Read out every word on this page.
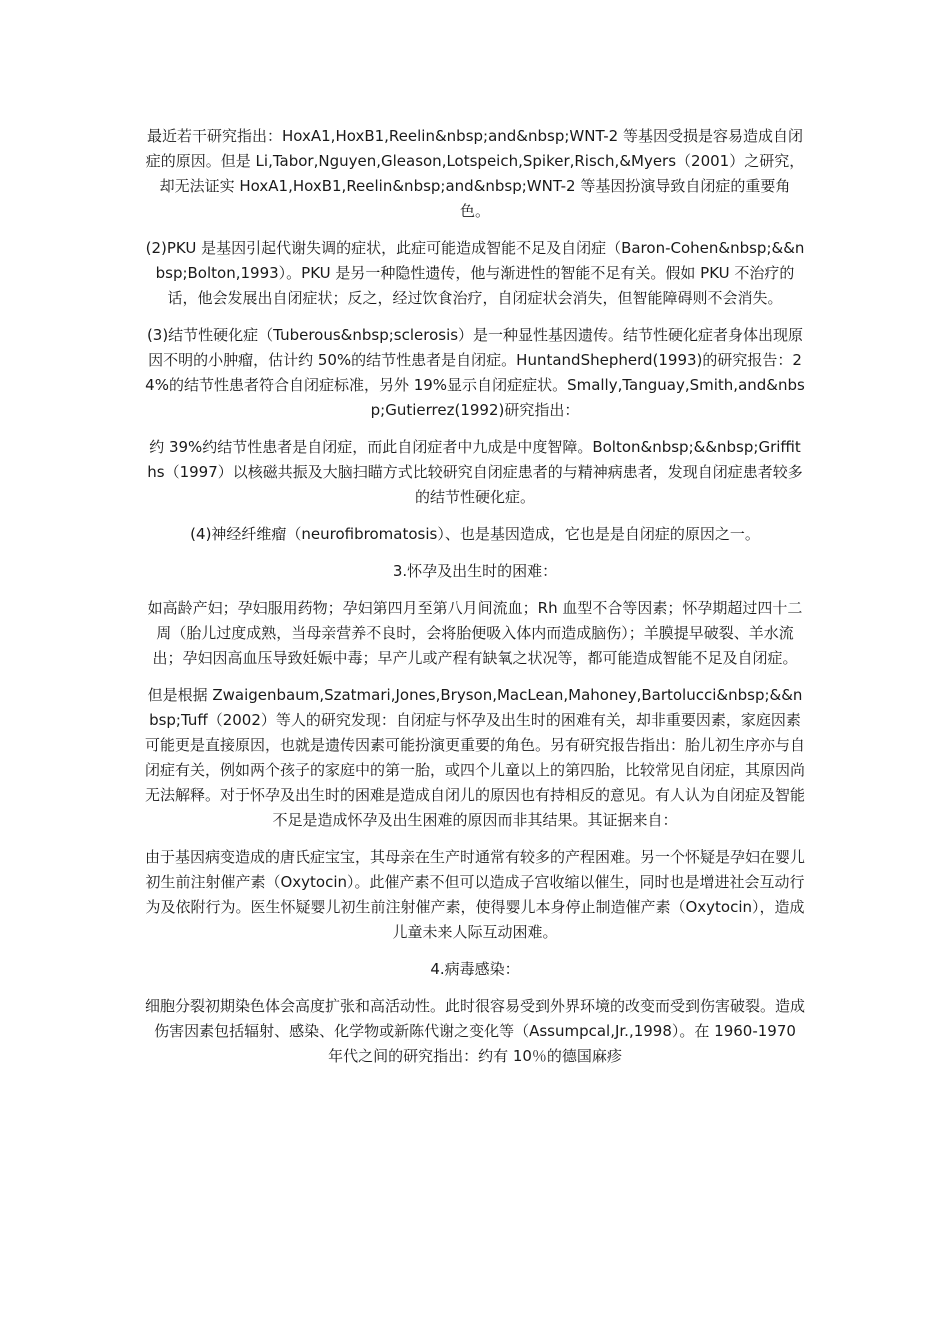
最近若干研究指出：HoxA1,HoxB1,Reelin&nbsp;and&nbsp;WNT-2 等基因受损是容易造成自闭症的原因。但是 Li,Tabor,Nguyen,Gleason,Lotspeich,Spiker,Risch,&Myers（2001）之研究，却无法证实 HoxA1,HoxB1,Reelin&nbsp;and&nbsp;WNT-2 等基因扮演导致自闭症的重要角色。

(2)PKU 是基因引起代谢失调的症状，此症可能造成智能不足及自闭症（Baron-Cohen&nbsp;&&nbsp;Bolton,1993）。PKU 是另一种隐性遗传，他与渐进性的智能不足有关。假如 PKU 不治疗的话，他会发展出自闭症状；反之，经过饮食治疗，自闭症状会消失，但智能障碍则不会消失。

(3)结节性硬化症（Tuberous&nbsp;sclerosis）是一种显性基因遗传。结节性硬化症者身体出现原因不明的小肿瘤，估计约 50%的结节性患者是自闭症。HuntandShepherd(1993)的研究报告：24%的结节性患者符合自闭症标准，另外 19%显示自闭症症状。Smally,Tanguay,Smith,and&nbsp;Gutierrez(1992)研究指出：

约 39%约结节性患者是自闭症，而此自闭症者中九成是中度智障。Bolton&nbsp;&&nbsp;Griffiths（1997）以核磁共振及大脑扫瞄方式比较研究自闭症患者的与精神病患者，发现自闭症患者较多的结节性硬化症。

(4)神经纤维瘤（neurofibromatosis）、也是基因造成，它也是是自闭症的原因之一。

3.怀孕及出生时的困难：

如高龄产妇；孕妇服用药物；孕妇第四月至第八月间流血；Rh 血型不合等因素；怀孕期超过四十二周（胎儿过度成熟，当母亲营养不良时，会将胎便吸入体内而造成脑伤）；羊膜提早破裂、羊水流出；孕妇因高血压导致妊娠中毒；早产儿或产程有缺氧之状况等，都可能造成智能不足及自闭症。

但是根据 Zwaigenbaum,Szatmari,Jones,Bryson,MacLean,Mahoney,Bartolucci&nbsp;&&nbsp;Tuff（2002）等人的研究发现：自闭症与怀孕及出生时的困难有关，却非重要因素，家庭因素可能更是直接原因，也就是遗传因素可能扮演更重要的角色。另有研究报告指出：胎儿初生序亦与自闭症有关，例如两个孩子的家庭中的第一胎，或四个儿童以上的第四胎，比较常见自闭症，其原因尚无法解释。对于怀孕及出生时的困难是造成自闭儿的原因也有持相反的意见。有人认为自闭症及智能不足是造成怀孕及出生困难的原因而非其结果。其证据来自：

由于基因病变造成的唐氏症宝宝，其母亲在生产时通常有较多的产程困难。另一个怀疑是孕妇在婴儿初生前注射催产素（Oxytocin）。此催产素不但可以造成子宫收缩以催生，同时也是增进社会互动行为及依附行为。医生怀疑婴儿初生前注射催产素，使得婴儿本身停止制造催产素（Oxytocin），造成儿童未来人际互动困难。

4.病毒感染：

细胞分裂初期染色体会高度扩张和高活动性。此时很容易受到外界环境的改变而受到伤害破裂。造成伤害因素包括辐射、感染、化学物或新陈代谢之变化等（Assumpcal,Jr.,1998）。在 1960-1970 年代之间的研究指出：约有 10％的德国麻疹
